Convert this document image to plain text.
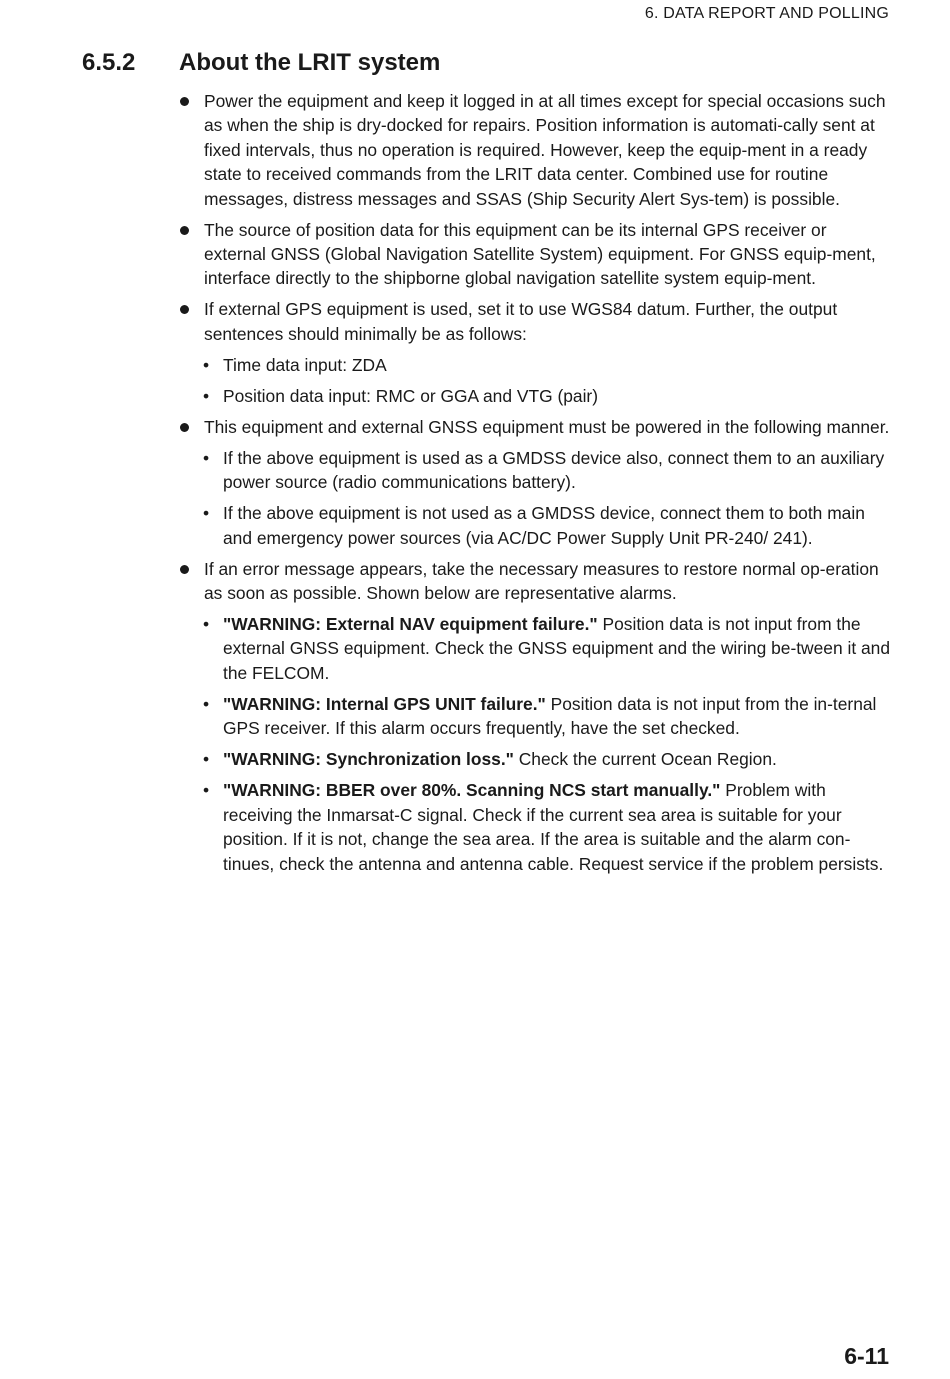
6. DATA REPORT AND POLLING
6.5.2 About the LRIT system

Power the equipment and keep it logged in at all times except for special occasions such as when the ship is dry-docked for repairs. Position information is automati-cally sent at fixed intervals, thus no operation is required. However, keep the equip-ment in a ready state to received commands from the LRIT data center. Combined use for routine messages, distress messages and SSAS (Ship Security Alert Sys-tem) is possible.

The source of position data for this equipment can be its internal GPS receiver or external GNSS (Global Navigation Satellite System) equipment. For GNSS equip-ment, interface directly to the shipborne global navigation satellite system equip-ment.

If external GPS equipment is used, set it to use WGS84 datum. Further, the output sentences should minimally be as follows:

• Time data input: ZDA

• Position data input: RMC or GGA and VTG (pair)

This equipment and external GNSS equipment must be powered in the following manner.

• If the above equipment is used as a GMDSS device also, connect them to an auxiliary power source (radio communications battery).

• If the above equipment is not used as a GMDSS device, connect them to both main and emergency power sources (via AC/DC Power Supply Unit PR-240/ 241).

If an error message appears, take the necessary measures to restore normal op-eration as soon as possible. Shown below are representative alarms.

• "WARNING: External NAV equipment failure." Position data is not input from the external GNSS equipment. Check the GNSS equipment and the wiring be-tween it and the FELCOM.

• "WARNING: Internal GPS UNIT failure." Position data is not input from the in-ternal GPS receiver. If this alarm occurs frequently, have the set checked.

• "WARNING: Synchronization loss." Check the current Ocean Region.

• "WARNING: BBER over 80%. Scanning NCS start manually." Problem with receiving the Inmarsat-C signal. Check if the current sea area is suitable for your position. If it is not, change the sea area. If the area is suitable and the alarm con-tinues, check the antenna and antenna cable. Request service if the problem persists.

6-11
